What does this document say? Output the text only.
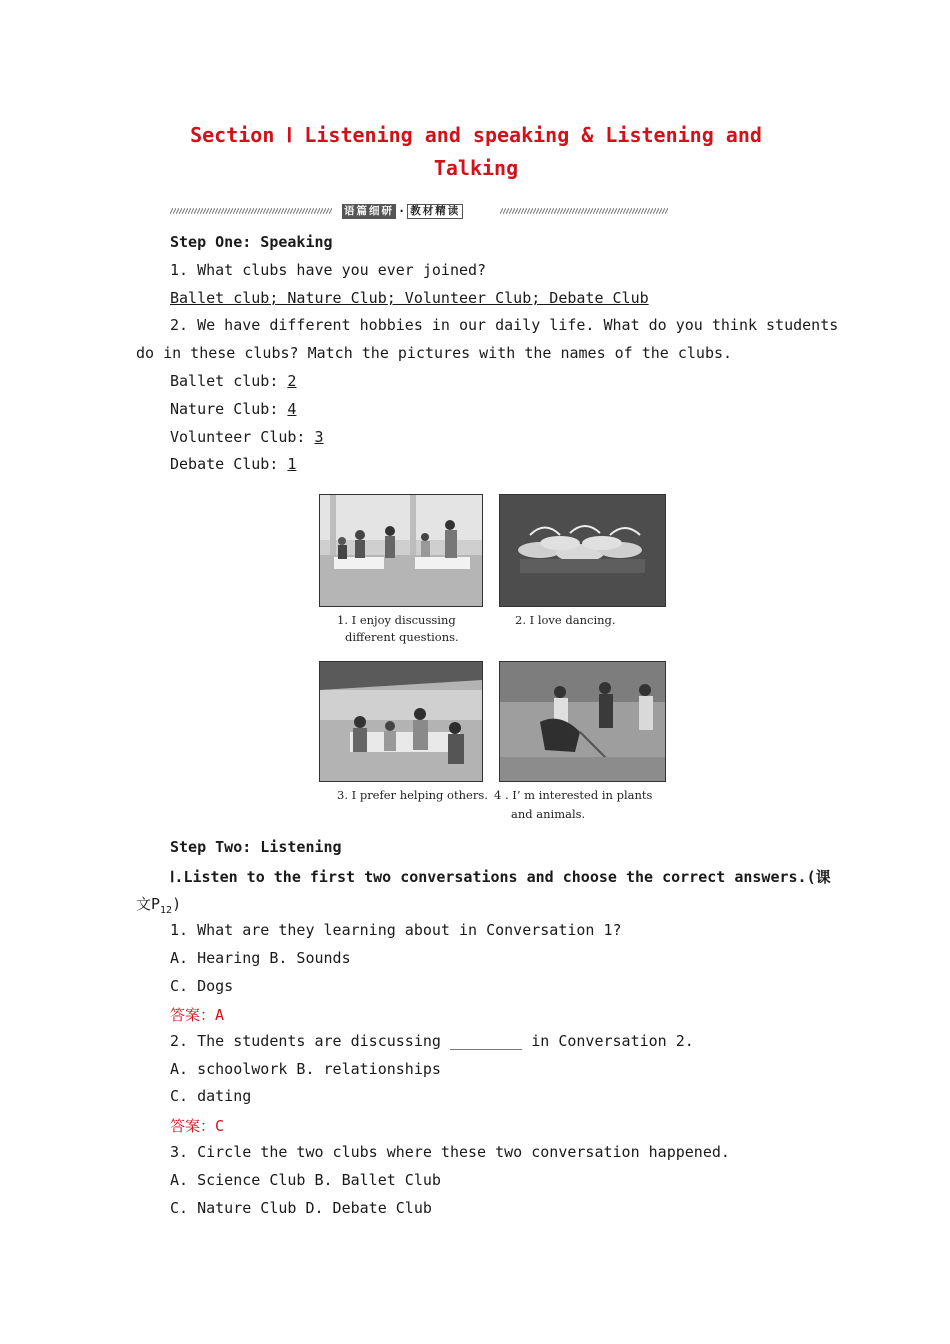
Section Ⅰ Listening and speaking & Listening and
Talking
语篇细研 · 教材精读
Step One: Speaking
1. What clubs have you ever joined?
Ballet club; Nature Club; Volunteer Club; Debate Club
2. We have different hobbies in our daily life. What do you think students
do in these clubs? Match the pictures with the names of the clubs.
Ballet club: 2
Nature Club: 4
Volunteer Club: 3
Debate Club: 1
1. I enjoy discussing
different questions.
2. I love dancing.
3. I prefer helping others. 4 . I’ m interested in plants
and animals.
Step Two: Listening
Ⅰ.Listen to the first two conversations and choose the correct answers.(课
文$P_{12}$)
1. What are they learning about in Conversation 1?
A. Hearing B. Sounds
C. Dogs
答案：A
2. The students are discussing ________ in Conversation 2.
A. schoolwork B. relationships
C. dating
答案：C
3. Circle the two clubs where these two conversation happened.
A. Science Club B. Ballet Club
C. Nature Club D. Debate Club
